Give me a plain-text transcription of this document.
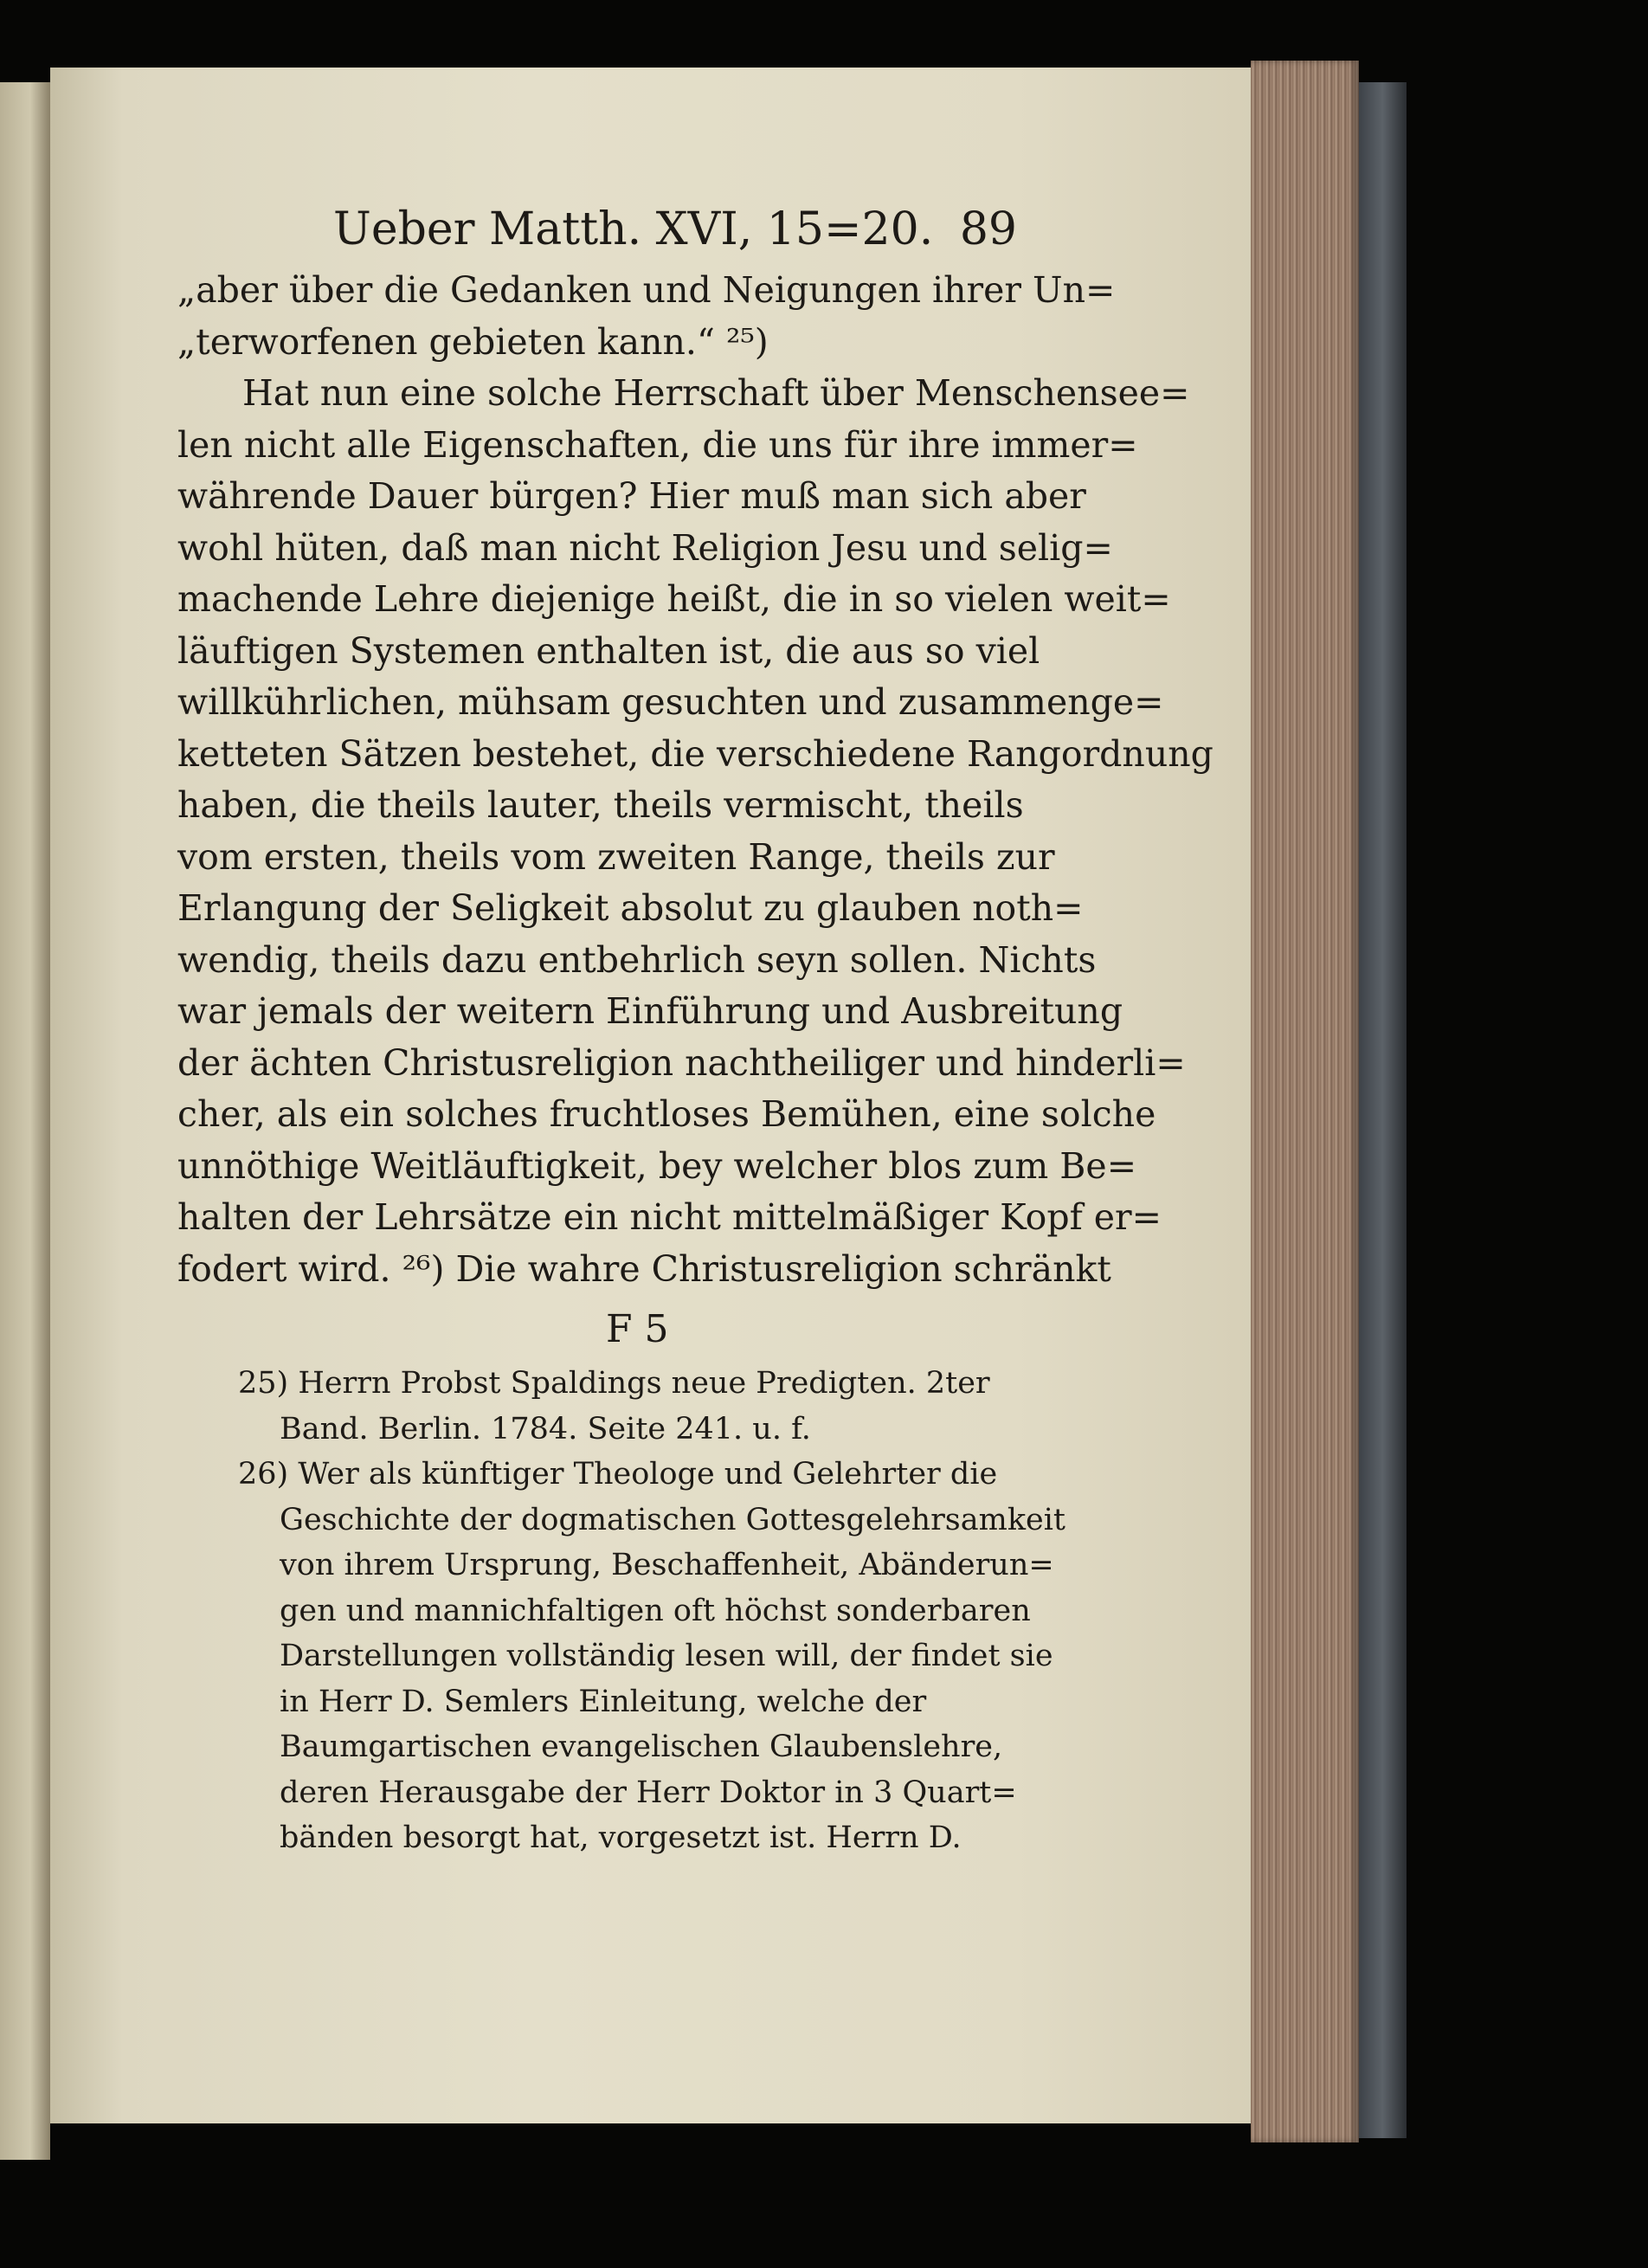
Ueber Matth. XVI, 15=20. 89
„aber über die Gedanken und Neigungen ihrer Un=
„terworfenen gebieten kann.“ ²⁵)
Hat nun eine solche Herrschaft über Menschensee=
len nicht alle Eigenschaften, die uns für ihre immer=
währende Dauer bürgen? Hier muß man sich aber
wohl hüten, daß man nicht Religion Jesu und selig=
machende Lehre diejenige heißt, die in so vielen weit=
läuftigen Systemen enthalten ist, die aus so viel
willkührlichen, mühsam gesuchten und zusammenge=
ketteten Sätzen bestehet, die verschiedene Rangordnung
haben, die theils lauter, theils vermischt, theils
vom ersten, theils vom zweiten Range, theils zur
Erlangung der Seligkeit absolut zu glauben noth=
wendig, theils dazu entbehrlich seyn sollen. Nichts
war jemals der weitern Einführung und Ausbreitung
der ächten Christusreligion nachtheiliger und hinderli=
cher, als ein solches fruchtloses Bemühen, eine solche
unnöthige Weitläuftigkeit, bey welcher blos zum Be=
halten der Lehrsätze ein nicht mittelmäßiger Kopf er=
fodert wird. ²⁶) Die wahre Christusreligion schränkt
F 5
25) Herrn Probst Spaldings neue Predigten. 2ter
Band. Berlin. 1784. Seite 241. u. f.
26) Wer als künftiger Theologe und Gelehrter die
Geschichte der dogmatischen Gottesgelehrsamkeit
von ihrem Ursprung, Beschaffenheit, Abänderun=
gen und mannichfaltigen oft höchst sonderbaren
Darstellungen vollständig lesen will, der findet sie
in Herr D. Semlers Einleitung, welche der
Baumgartischen evangelischen Glaubenslehre,
deren Herausgabe der Herr Doktor in 3 Quart=
bänden besorgt hat, vorgesetzt ist. Herrn D.
